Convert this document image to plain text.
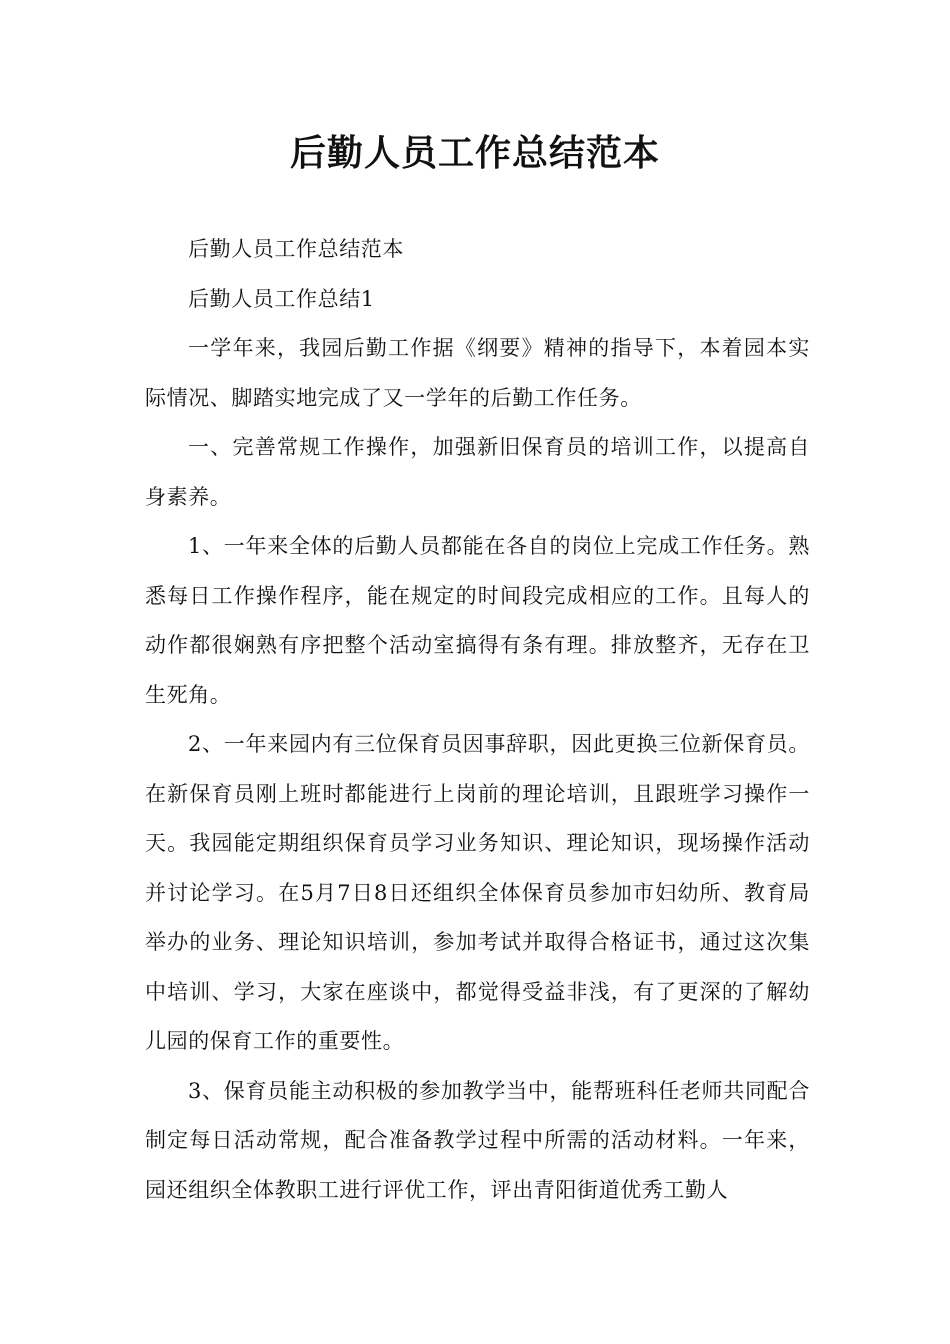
后勤人员工作总结范本

后勤人员工作总结范本

后勤人员工作总结1

一学年来，我园后勤工作据《纲要》精神的指导下，本着园本实际情况、脚踏实地完成了又一学年的后勤工作任务。

一、完善常规工作操作，加强新旧保育员的培训工作，以提高自身素养。

1、一年来全体的后勤人员都能在各自的岗位上完成工作任务。熟悉每日工作操作程序，能在规定的时间段完成相应的工作。且每人的动作都很娴熟有序把整个活动室搞得有条有理。排放整齐，无存在卫生死角。

2、一年来园内有三位保育员因事辞职，因此更换三位新保育员。在新保育员刚上班时都能进行上岗前的理论培训，且跟班学习操作一天。我园能定期组织保育员学习业务知识、理论知识，现场操作活动并讨论学习。在5月7日8日还组织全体保育员参加市妇幼所、教育局举办的业务、理论知识培训，参加考试并取得合格证书，通过这次集中培训、学习，大家在座谈中，都觉得受益非浅，有了更深的了解幼儿园的保育工作的重要性。

3、保育员能主动积极的参加教学当中，能帮班科任老师共同配合制定每日活动常规，配合准备教学过程中所需的活动材料。一年来，园还组织全体教职工进行评优工作，评出青阳街道优秀工勤人
